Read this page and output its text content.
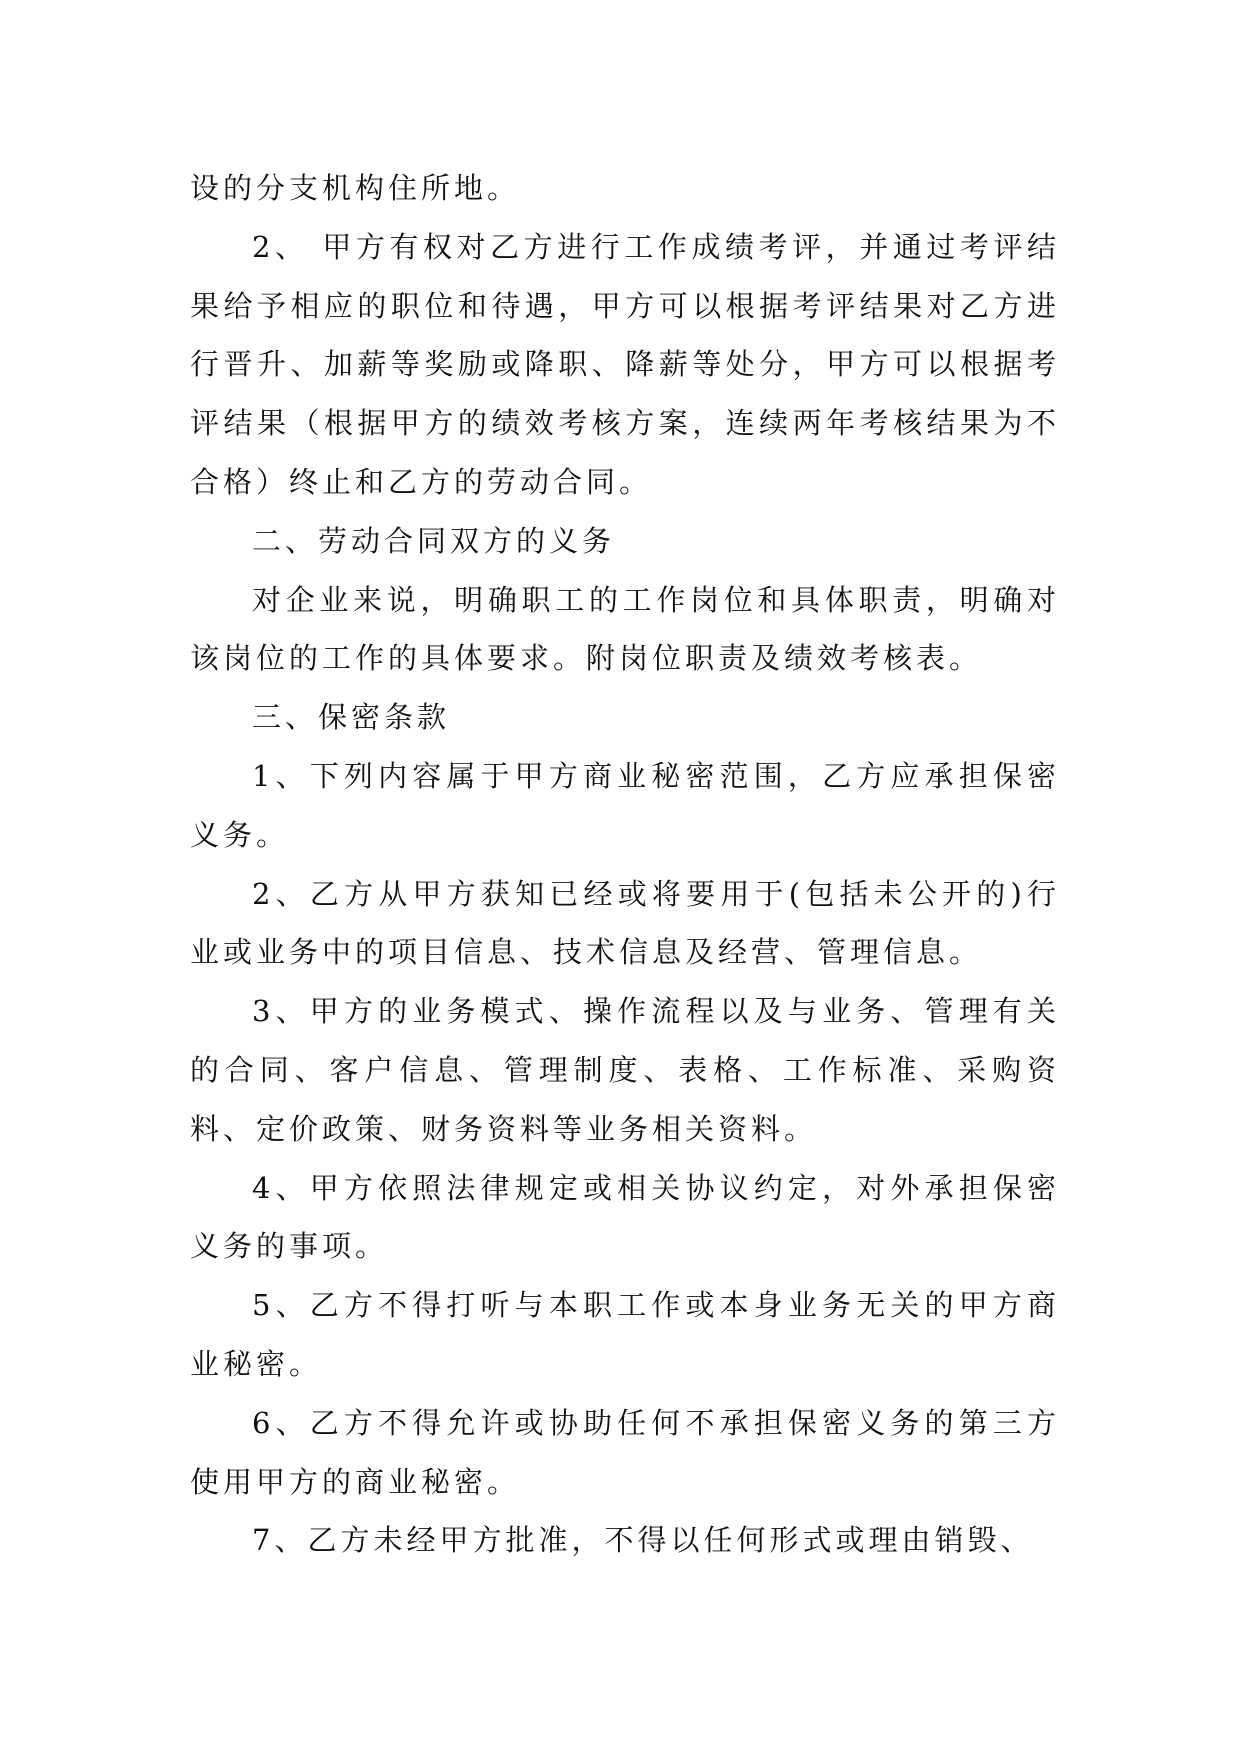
设的分支机构住所地。

2、 甲方有权对乙方进行工作成绩考评，并通过考评结果给予相应的职位和待遇，甲方可以根据考评结果对乙方进行晋升、加薪等奖励或降职、降薪等处分，甲方可以根据考评结果（根据甲方的绩效考核方案，连续两年考核结果为不合格）终止和乙方的劳动合同。

二、劳动合同双方的义务

对企业来说，明确职工的工作岗位和具体职责，明确对该岗位的工作的具体要求。附岗位职责及绩效考核表。

三、保密条款

1、下列内容属于甲方商业秘密范围，乙方应承担保密义务。

2、乙方从甲方获知已经或将要用于(包括未公开的)行业或业务中的项目信息、技术信息及经营、管理信息。

3、甲方的业务模式、操作流程以及与业务、管理有关的合同、客户信息、管理制度、表格、工作标准、采购资料、定价政策、财务资料等业务相关资料。

4、甲方依照法律规定或相关协议约定，对外承担保密义务的事项。

5、乙方不得打听与本职工作或本身业务无关的甲方商业秘密。

6、乙方不得允许或协助任何不承担保密义务的第三方使用甲方的商业秘密。

7、乙方未经甲方批准，不得以任何形式或理由销毁、
